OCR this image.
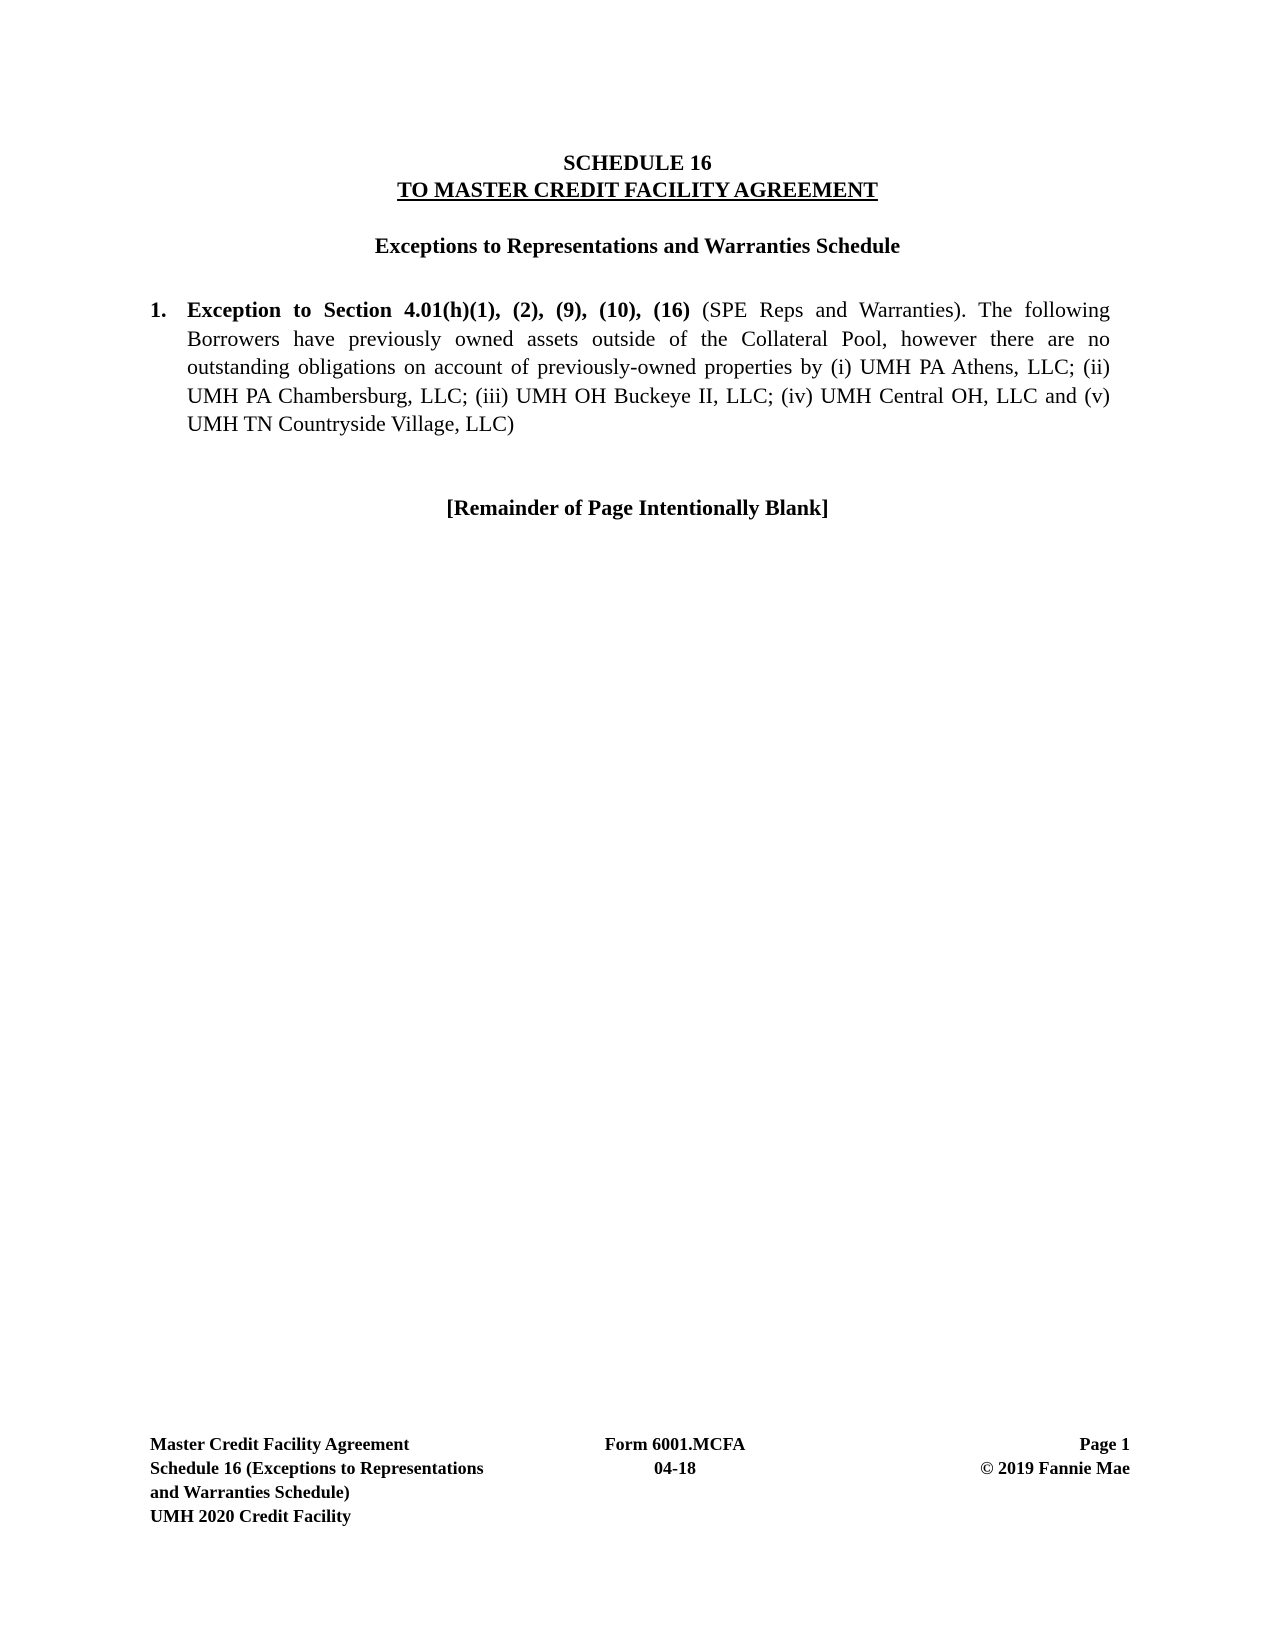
SCHEDULE 16
TO MASTER CREDIT FACILITY AGREEMENT
Exceptions to Representations and Warranties Schedule
1. Exception to Section 4.01(h)(1), (2), (9), (10), (16) (SPE Reps and Warranties). The following Borrowers have previously owned assets outside of the Collateral Pool, however there are no outstanding obligations on account of previously-owned properties by (i) UMH PA Athens, LLC; (ii) UMH PA Chambersburg, LLC; (iii) UMH OH Buckeye II, LLC; (iv) UMH Central OH, LLC and (v) UMH TN Countryside Village, LLC)
[Remainder of Page Intentionally Blank]
Master Credit Facility Agreement
Schedule 16 (Exceptions to Representations
and Warranties Schedule)
UMH 2020 Credit Facility
Form 6001.MCFA
04-18
Page 1
© 2019 Fannie Mae
